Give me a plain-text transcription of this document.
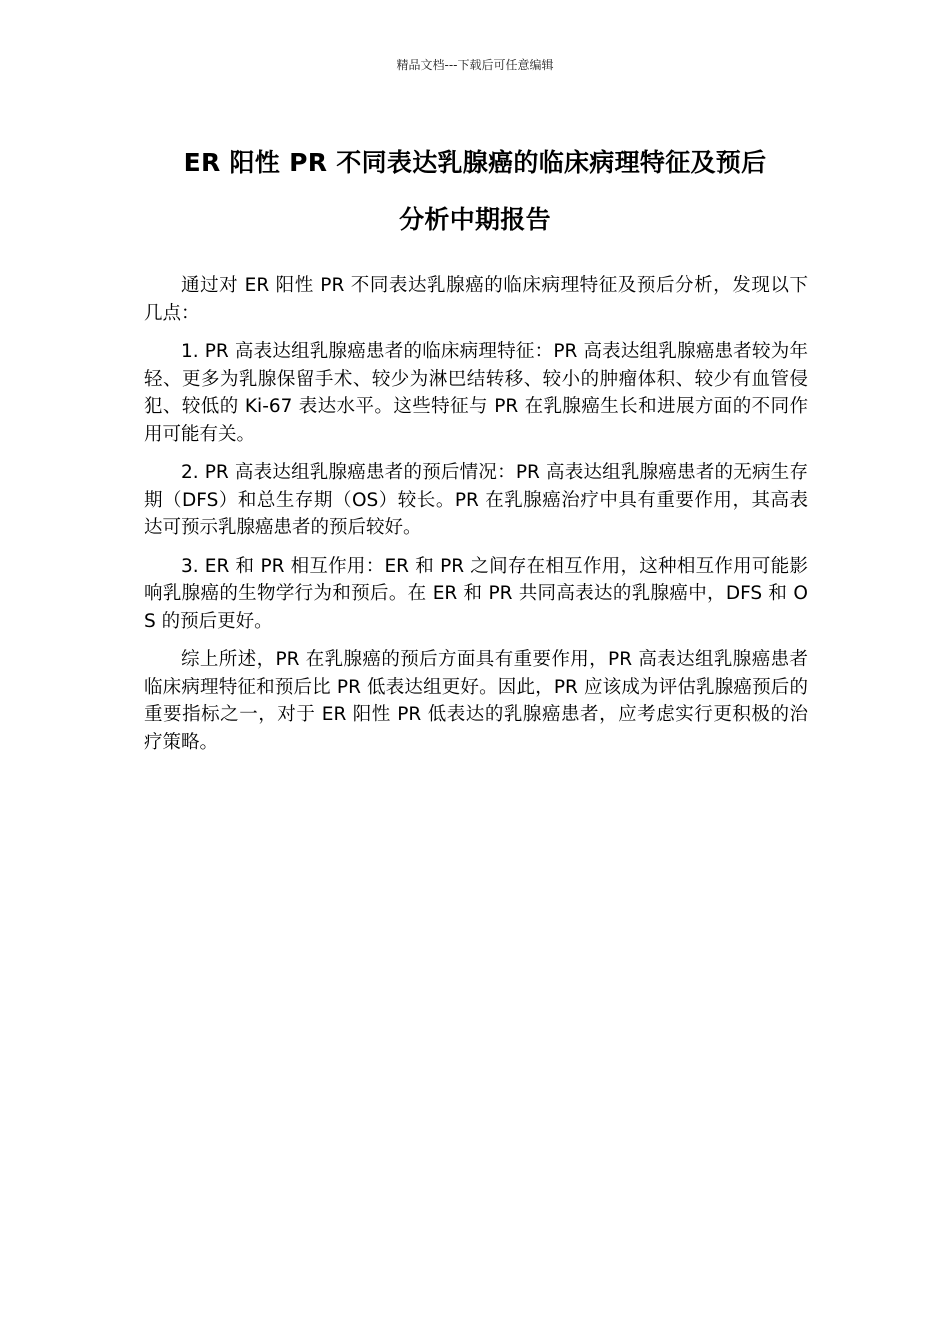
精品文档---下载后可任意编辑
ER 阳性 PR 不同表达乳腺癌的临床病理特征及预后
分析中期报告

通过对 ER 阳性 PR 不同表达乳腺癌的临床病理特征及预后分析，发现以下几点：

1. PR 高表达组乳腺癌患者的临床病理特征：PR 高表达组乳腺癌患者较为年轻、更多为乳腺保留手术、较少为淋巴结转移、较小的肿瘤体积、较少有血管侵犯、较低的 Ki-67 表达水平。这些特征与 PR 在乳腺癌生长和进展方面的不同作用可能有关。

2. PR 高表达组乳腺癌患者的预后情况：PR 高表达组乳腺癌患者的无病生存期（DFS）和总生存期（OS）较长。PR 在乳腺癌治疗中具有重要作用，其高表达可预示乳腺癌患者的预后较好。

3. ER 和 PR 相互作用：ER 和 PR 之间存在相互作用，这种相互作用可能影响乳腺癌的生物学行为和预后。在 ER 和 PR 共同高表达的乳腺癌中，DFS 和 OS 的预后更好。

综上所述，PR 在乳腺癌的预后方面具有重要作用，PR 高表达组乳腺癌患者临床病理特征和预后比 PR 低表达组更好。因此，PR 应该成为评估乳腺癌预后的重要指标之一，对于 ER 阳性 PR 低表达的乳腺癌患者，应考虑实行更积极的治疗策略。
